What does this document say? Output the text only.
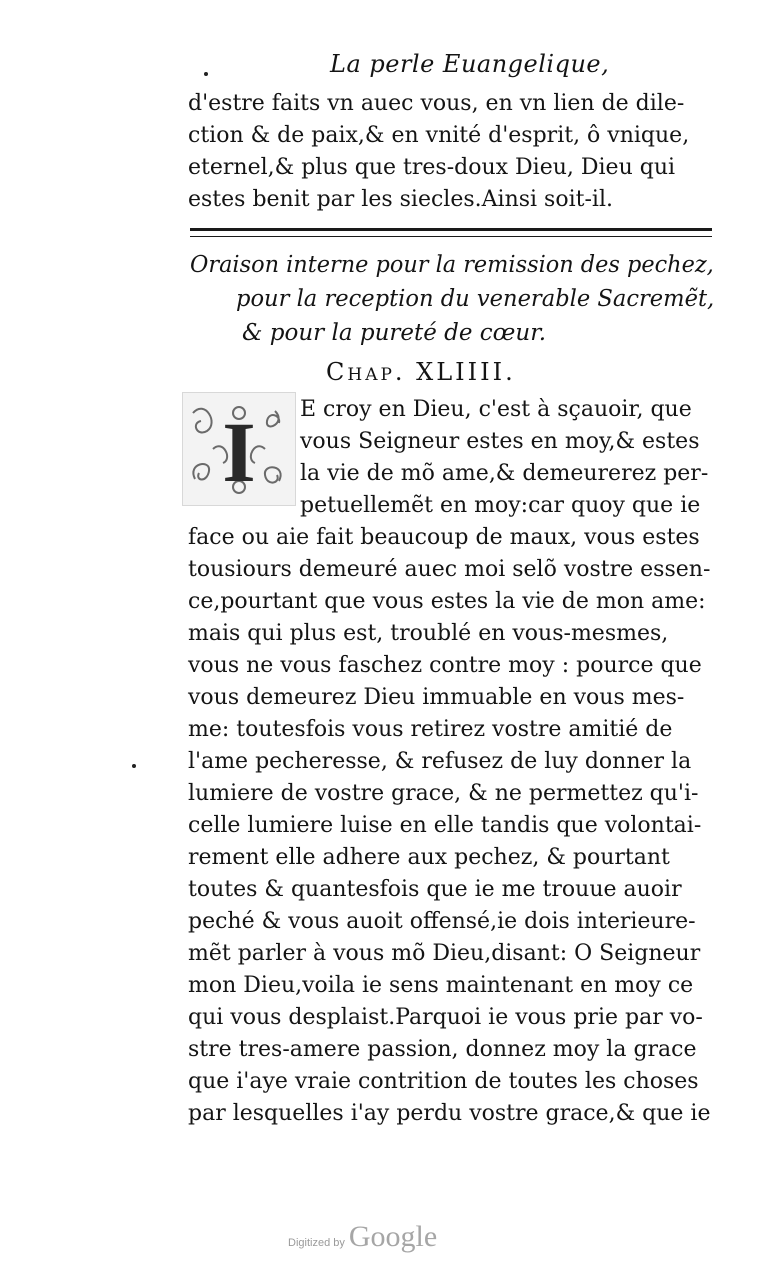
La perle Euangelique,
d'estre faits vn auec vous, en vn lien de dile-
ction & de paix,& en vnité d'esprit, ô vnique,
eternel,& plus que tres-doux Dieu, Dieu qui
estes benit par les siecles.Ainsi soit-il.
Oraison interne pour la remission des pechez,
pour la reception du venerable Sacremẽt,
& pour la pureté de cœur.
Chap. XLIIII.
I E croy en Dieu, c'est à sçauoir, que
vous Seigneur estes en moy,& estes
la vie de mõ ame,& demeurerez per-
petuellemẽt en moy:car quoy que ie
face ou aie fait beaucoup de maux, vous estes
tousiours demeuré auec moi selõ vostre essen-
ce,pourtant que vous estes la vie de mon ame:
mais qui plus est, troublé en vous-mesmes,
vous ne vous faschez contre moy : pource que
vous demeurez Dieu immuable en vous mes-
me: toutesfois vous retirez vostre amitié de
l'ame pecheresse, & refusez de luy donner la
lumiere de vostre grace, & ne permettez qu'i-
celle lumiere luise en elle tandis que volontai-
rement elle adhere aux pechez, & pourtant
toutes & quantesfois que ie me trouue auoir
peché & vous auoit offensé,ie dois interieure-
mẽt parler à vous mõ Dieu,disant: O Seigneur
mon Dieu,voila ie sens maintenant en moy ce
qui vous desplaist.Parquoi ie vous prie par vo-
stre tres-amere passion, donnez moy la grace
que i'aye vraie contrition de toutes les choses
par lesquelles i'ay perdu vostre grace,& que ie
Digitized by Google
